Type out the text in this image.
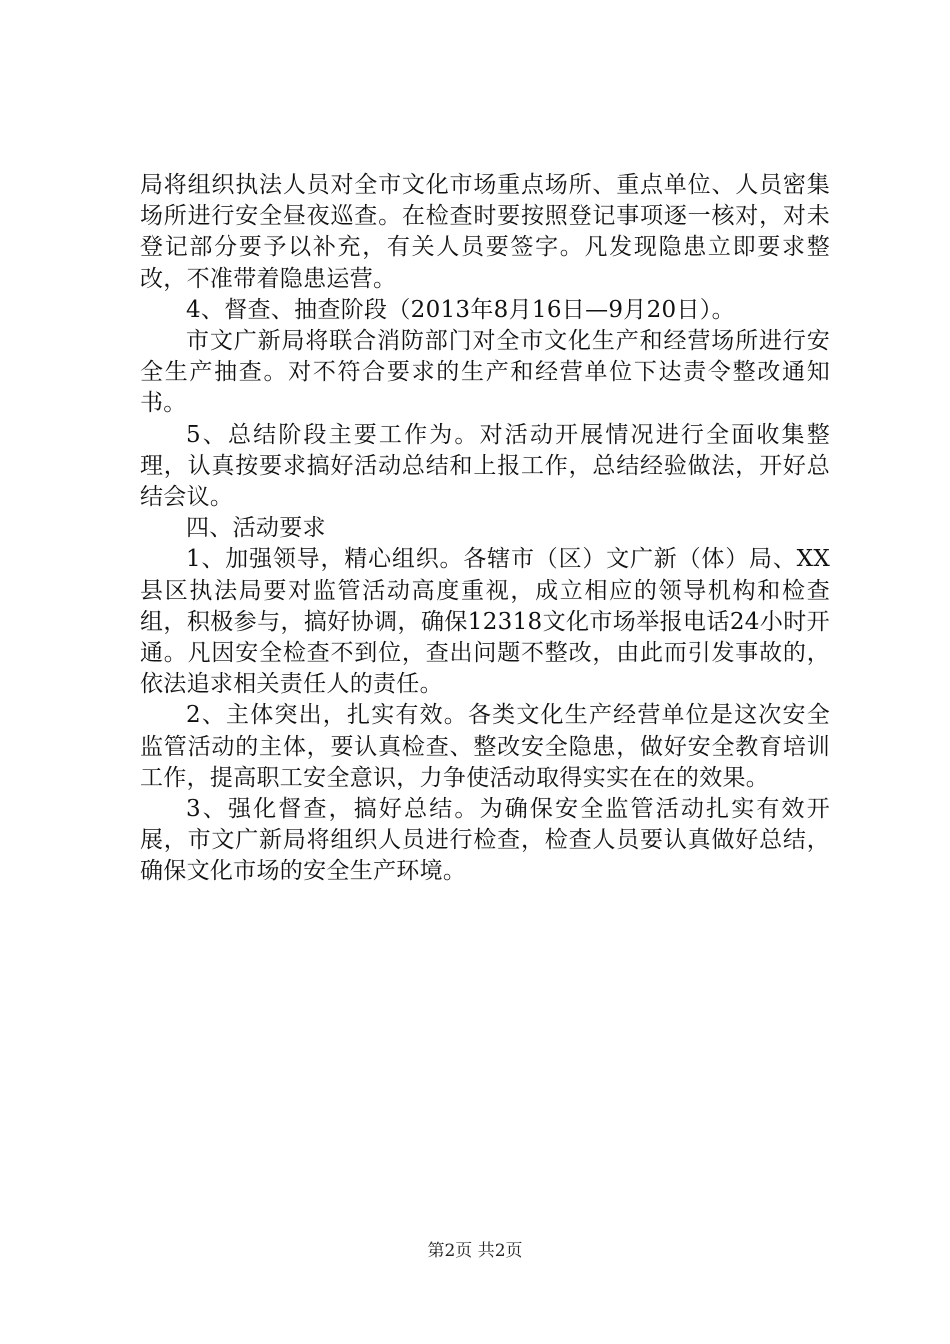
局将组织执法人员对全市文化市场重点场所、重点单位、人员密集场所进行安全昼夜巡查。在检查时要按照登记事项逐一核对，对未登记部分要予以补充，有关人员要签字。凡发现隐患立即要求整改，不准带着隐患运营。

4、督查、抽查阶段（2013年8月16日—9月20日）。

市文广新局将联合消防部门对全市文化生产和经营场所进行安全生产抽查。对不符合要求的生产和经营单位下达责令整改通知书。

5、总结阶段主要工作为。对活动开展情况进行全面收集整理，认真按要求搞好活动总结和上报工作，总结经验做法，开好总结会议。

四、活动要求

1、加强领导，精心组织。各辖市（区）文广新（体）局、XX县区执法局要对监管活动高度重视，成立相应的领导机构和检查组，积极参与，搞好协调，确保12318文化市场举报电话24小时开通。凡因安全检查不到位，查出问题不整改，由此而引发事故的，依法追求相关责任人的责任。

2、主体突出，扎实有效。各类文化生产经营单位是这次安全监管活动的主体，要认真检查、整改安全隐患，做好安全教育培训工作，提高职工安全意识，力争使活动取得实实在在的效果。

3、强化督查，搞好总结。为确保安全监管活动扎实有效开展，市文广新局将组织人员进行检查，检查人员要认真做好总结，确保文化市场的安全生产环境。

第2页 共2页
